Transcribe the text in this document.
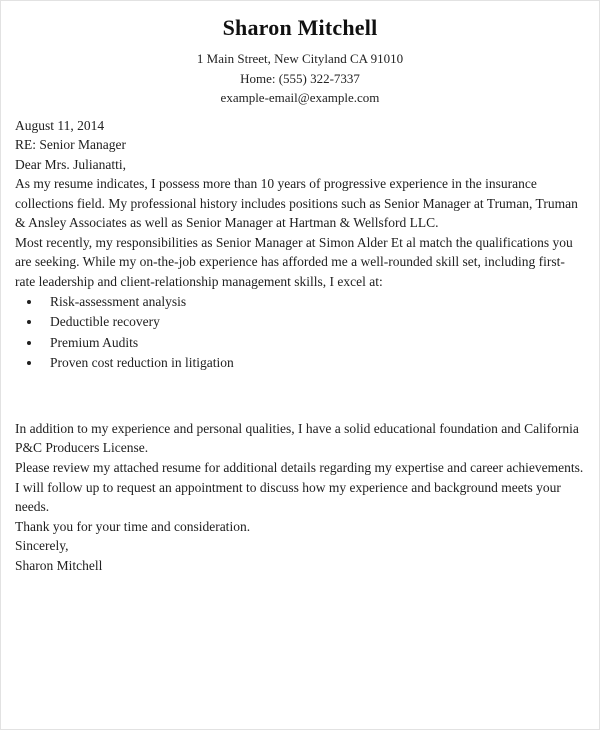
Sharon Mitchell
1 Main Street, New Cityland CA 91010
Home: (555) 322-7337
example-email@example.com

August 11, 2014

RE: Senior Manager

Dear Mrs. Julianatti,

As my resume indicates, I possess more than 10 years of progressive experience in the insurance collections field. My professional history includes positions such as Senior Manager at Truman, Truman & Ansley Associates as well as Senior Manager at Hartman & Wellsford LLC.

Most recently, my responsibilities as Senior Manager at Simon Alder Et al match the qualifications you are seeking. While my on-the-job experience has afforded me a well-rounded skill set, including first-rate leadership and client-relationship management skills, I excel at:

• Risk-assessment analysis
• Deductible recovery
• Premium Audits
• Proven cost reduction in litigation

In addition to my experience and personal qualities, I have a solid educational foundation and California P&C Producers License.

Please review my attached resume for additional details regarding my expertise and career achievements. I will follow up to request an appointment to discuss how my experience and background meets your needs.

Thank you for your time and consideration.

Sincerely,

Sharon Mitchell
